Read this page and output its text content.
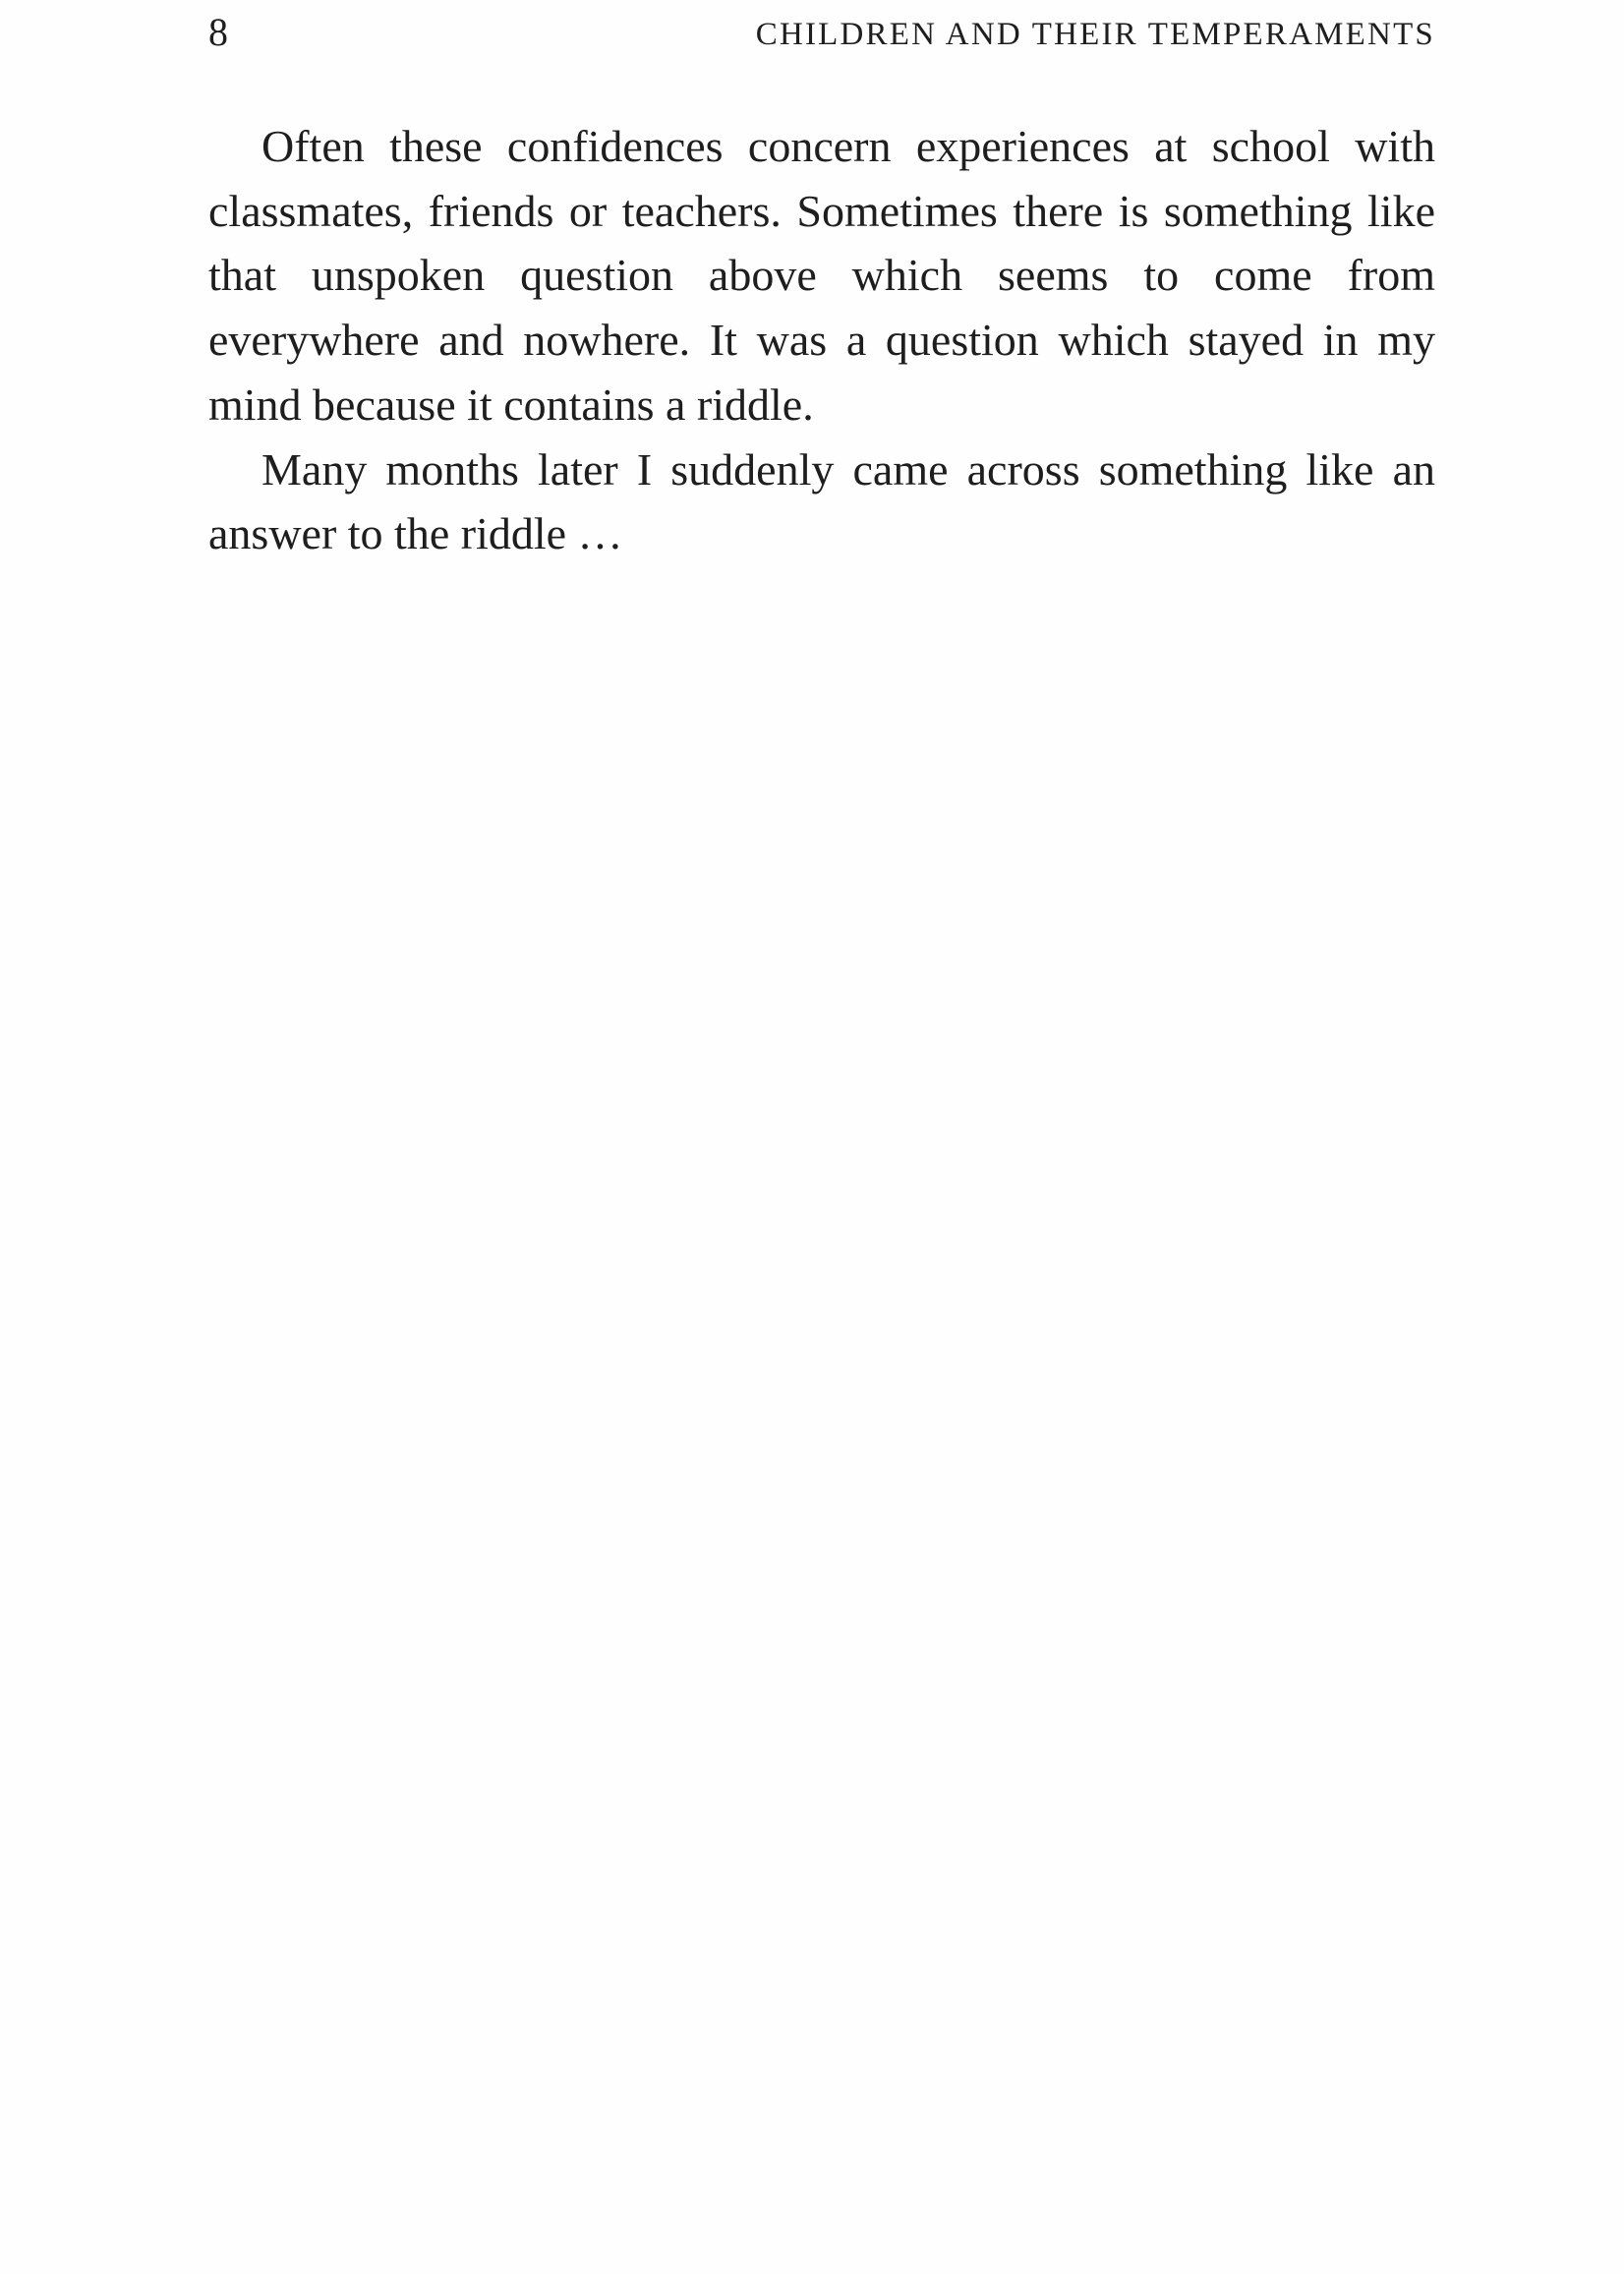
8	CHILDREN AND THEIR TEMPERAMENTS

Often these confidences concern experiences at school with classmates, friends or teachers. Sometimes there is something like that unspoken question above which seems to come from everywhere and nowhere. It was a question which stayed in my mind because it contains a riddle.

Many months later I suddenly came across something like an answer to the riddle …
